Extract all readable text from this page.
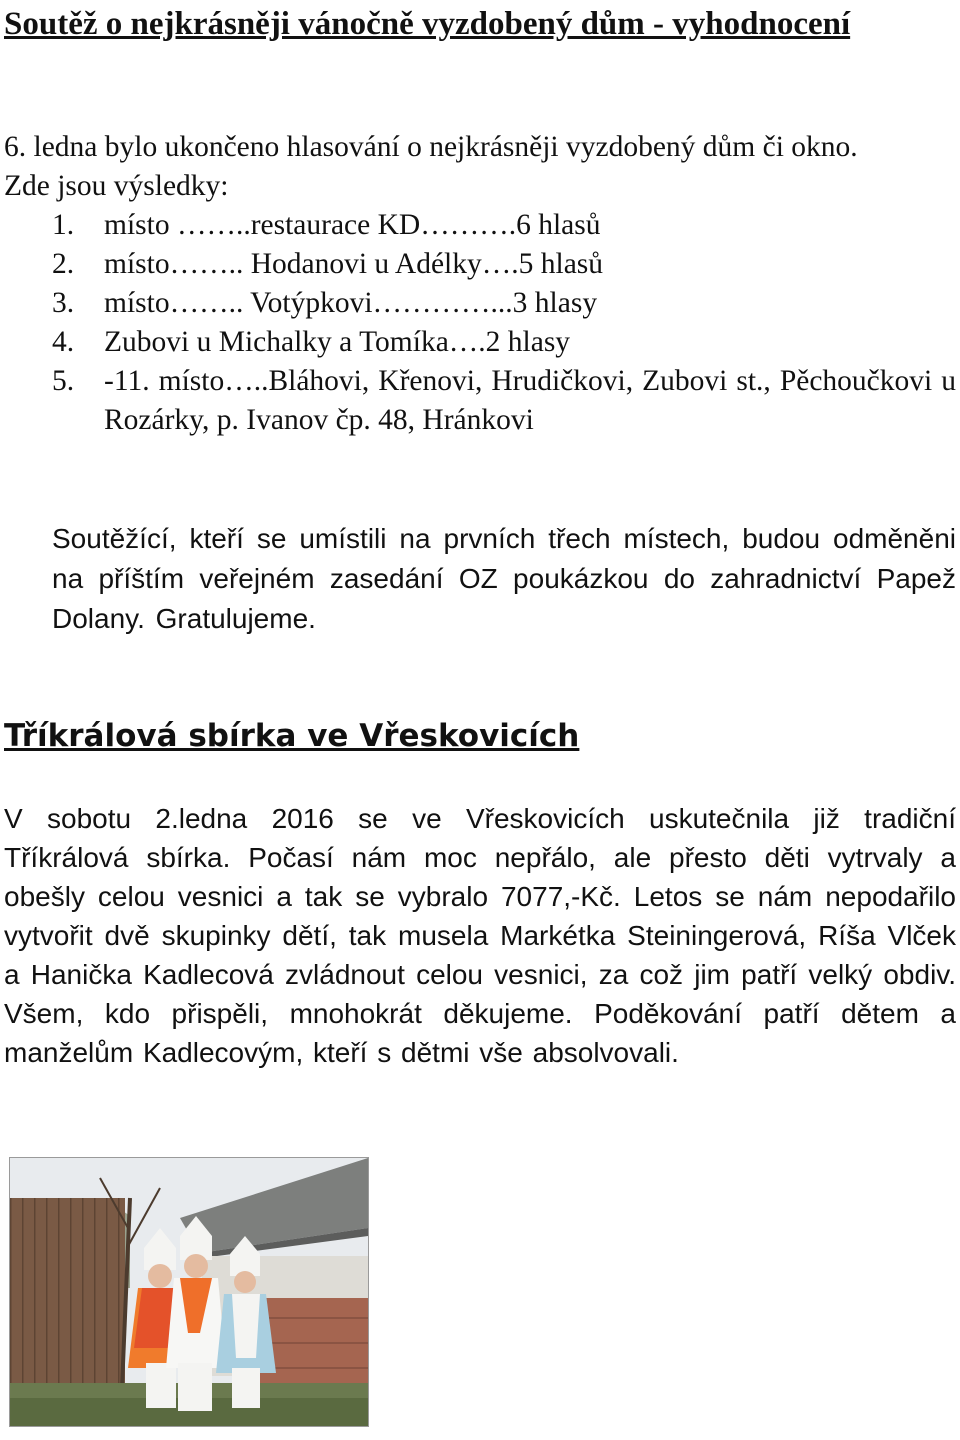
Soutěž o nejkrásněji vánočně vyzdobený dům - vyhodnocení

6. ledna bylo ukončeno hlasování o nejkrásněji vyzdobený dům či okno.

Zde jsou výsledky:

1. místo ……..restaurace KD……….6 hlasů
2. místo…….. Hodanovi u Adélky….5 hlasů
3. místo…….. Votýpkovi…………...3 hlasy
4. Zubovi u Michalky a Tomíka….2 hlasy
5. -11. místo…..Bláhovi, Křenovi, Hrudičkovi, Zubovi st., Pěchoučkovi u Rozárky, p. Ivanov čp. 48, Hránkovi

Soutěžící, kteří se umístili na prvních třech místech, budou odměněni na příštím veřejném zasedání OZ poukázkou do zahradnictví Papež Dolany. Gratulujeme.

Tříkrálová sbírka ve Vřeskovicích

V sobotu 2.ledna 2016 se ve Vřeskovicích uskutečnila již tradiční Tříkrálová sbírka. Počasí nám moc nepřálo, ale přesto děti vytrvaly a obešly celou vesnici a tak se vybralo 7077,-Kč. Letos se nám nepodařilo vytvořit dvě skupinky dětí, tak musela Markétka Steiningerová, Ríša Vlček a Hanička Kadlecová zvládnout celou vesnici, za což jim patří velký obdiv. Všem, kdo přispěli, mnohokrát děkujeme. Poděkování patří dětem a manželům Kadlecovým, kteří s dětmi vše absolvovali.
